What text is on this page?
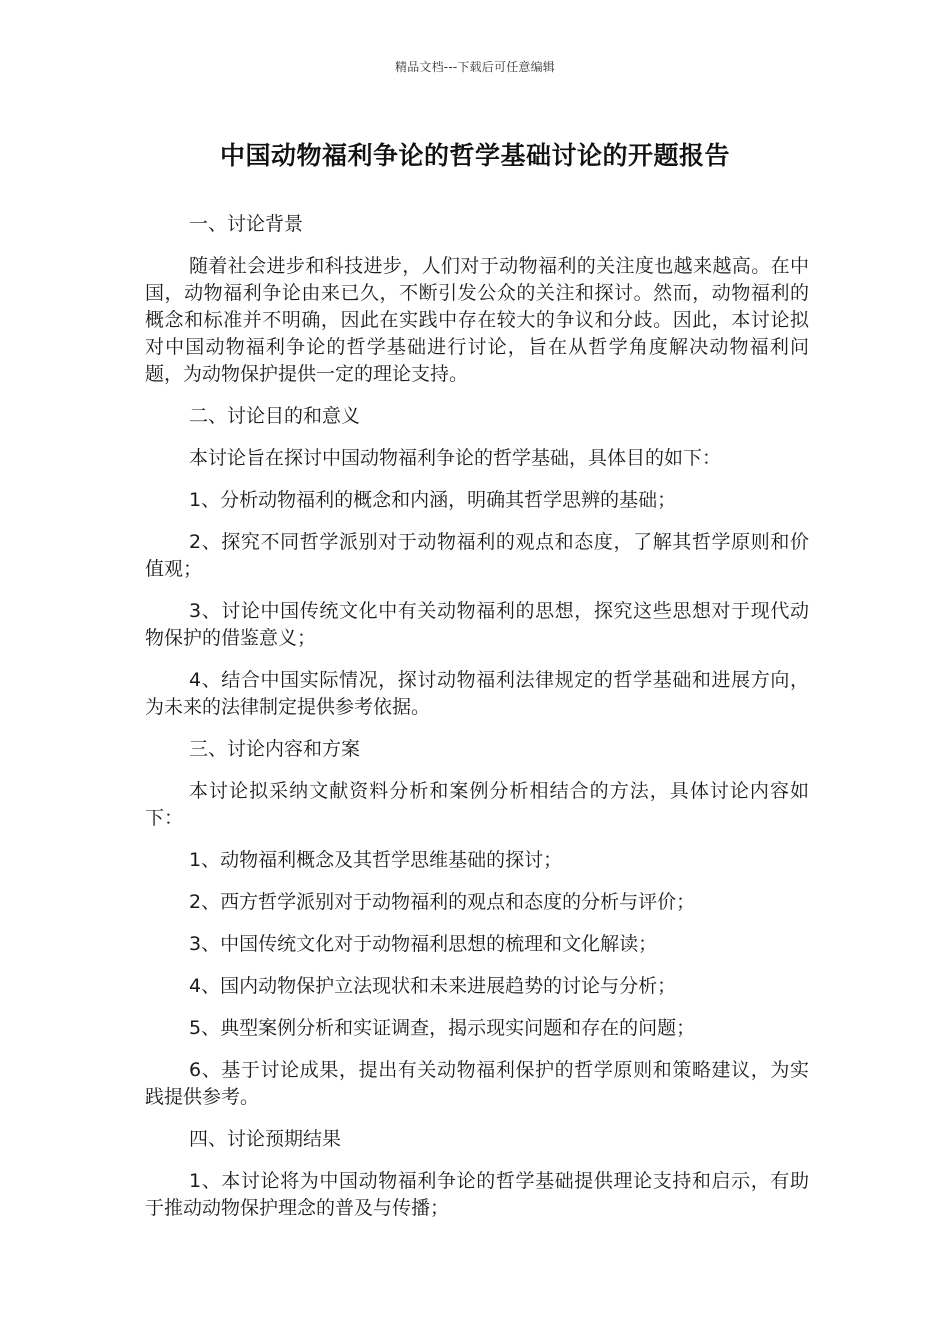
精品文档---下载后可任意编辑
中国动物福利争论的哲学基础讨论的开题报告

一、讨论背景

随着社会进步和科技进步，人们对于动物福利的关注度也越来越高。在中国，动物福利争论由来已久，不断引发公众的关注和探讨。然而，动物福利的概念和标准并不明确，因此在实践中存在较大的争议和分歧。因此，本讨论拟对中国动物福利争论的哲学基础进行讨论，旨在从哲学角度解决动物福利问题，为动物保护提供一定的理论支持。

二、讨论目的和意义

本讨论旨在探讨中国动物福利争论的哲学基础，具体目的如下：

1、分析动物福利的概念和内涵，明确其哲学思辨的基础；

2、探究不同哲学派别对于动物福利的观点和态度，了解其哲学原则和价值观；

3、讨论中国传统文化中有关动物福利的思想，探究这些思想对于现代动物保护的借鉴意义；

4、结合中国实际情况，探讨动物福利法律规定的哲学基础和进展方向，为未来的法律制定提供参考依据。

三、讨论内容和方案

本讨论拟采纳文献资料分析和案例分析相结合的方法，具体讨论内容如下：

1、动物福利概念及其哲学思维基础的探讨；

2、西方哲学派别对于动物福利的观点和态度的分析与评价；

3、中国传统文化对于动物福利思想的梳理和文化解读；

4、国内动物保护立法现状和未来进展趋势的讨论与分析；

5、典型案例分析和实证调查，揭示现实问题和存在的问题；

6、基于讨论成果，提出有关动物福利保护的哲学原则和策略建议，为实践提供参考。

四、讨论预期结果

1、本讨论将为中国动物福利争论的哲学基础提供理论支持和启示，有助于推动动物保护理念的普及与传播；
